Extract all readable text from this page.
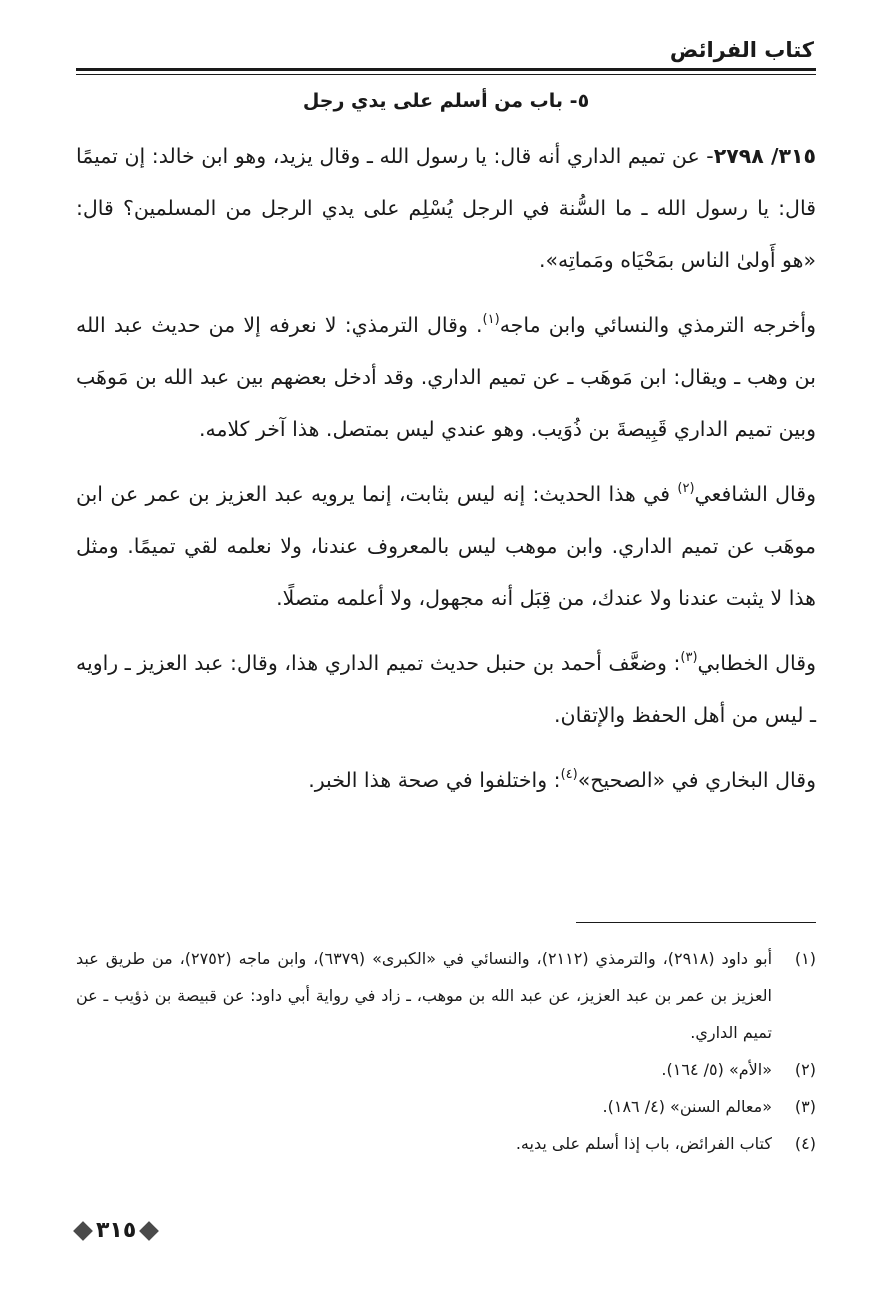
كتاب الفرائض
٥- باب من أسلم على يدي رجل

٣١٥/ ٢٧٩٨- عن تميم الداري أنه قال: يا رسول الله ـ وقال يزيد، وهو ابن خالد: إن تميمًا قال: يا رسول الله ـ ما السُّنة في الرجل يُسْلِم على يدي الرجل من المسلمين؟ قال: «هو أَولىٰ الناس بمَحْيَاه ومَماتِه».

وأخرجه الترمذي والنسائي وابن ماجه$^{(١)}$. وقال الترمذي: لا نعرفه إلا من حديث عبد الله بن وهب ـ ويقال: ابن مَوهَب ـ عن تميم الداري. وقد أدخل بعضهم بين عبد الله بن مَوهَب وبين تميم الداري قَبِيصةَ بن ذُوَيب. وهو عندي ليس بمتصل. هذا آخر كلامه.

وقال الشافعي$^{(٢)}$ في هذا الحديث: إنه ليس بثابت، إنما يرويه عبد العزيز بن عمر عن ابن موهَب عن تميم الداري. وابن موهب ليس بالمعروف عندنا، ولا نعلمه لقي تميمًا. ومثل هذا لا يثبت عندنا ولا عندك، من قِبَل أنه مجهول، ولا أعلمه متصلًا.

وقال الخطابي$^{(٣)}$: وضعَّف أحمد بن حنبل حديث تميم الداري هذا، وقال: عبد العزيز ـ راويه ـ ليس من أهل الحفظ والإتقان.

وقال البخاري في «الصحيح»$^{(٤)}$: واختلفوا في صحة هذا الخبر.

(١)
أبو داود (٢٩١٨)، والترمذي (٢١١٢)، والنسائي في «الكبرى» (٦٣٧٩)، وابن ماجه (٢٧٥٢)، من طريق عبد العزيز بن عمر بن عبد العزيز، عن عبد الله بن موهب، ـ زاد في رواية أبي داود: عن قبيصة بن ذؤيب ـ عن تميم الداري.
(٢)
«الأم» (٥/ ١٦٤).
(٣)
«معالم السنن» (٤/ ١٨٦).
(٤)
كتاب الفرائض، باب إذا أسلم على يديه.
٣١٥
